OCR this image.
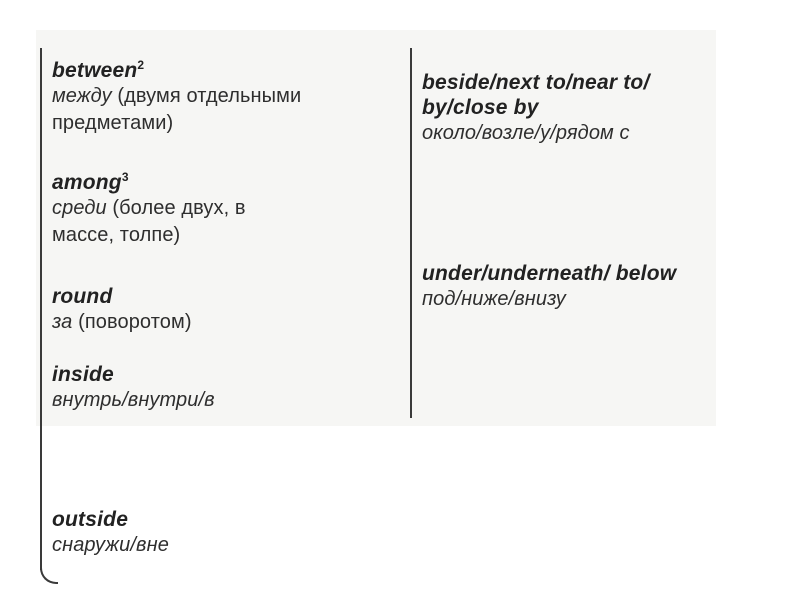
between$^2$
между (двумя отдельными предметами)
among$^3$
среди (более двух, в массе, толпе)
round
за (поворотом)
inside
внутрь/внутри/в
outside
снаружи/вне
beside/next to/near to/ by/close by
около/возле/у/рядом с
under/underneath/ below
под/ниже/внизу
